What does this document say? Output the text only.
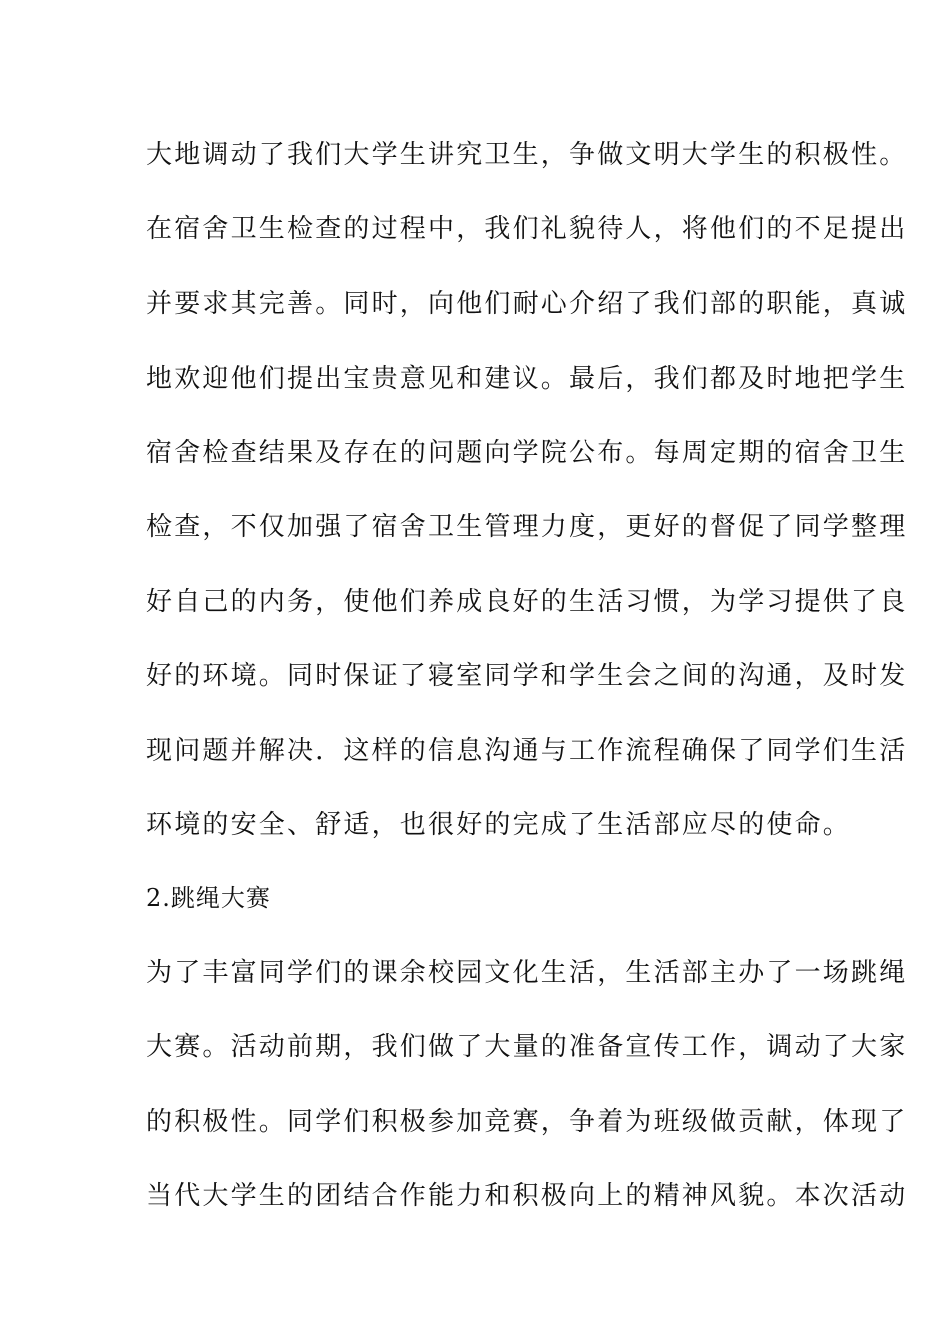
大地调动了我们大学生讲究卫生，争做文明大学生的积极性。
在宿舍卫生检查的过程中，我们礼貌待人，将他们的不足提出
并要求其完善。同时，向他们耐心介绍了我们部的职能，真诚
地欢迎他们提出宝贵意见和建议。最后，我们都及时地把学生
宿舍检查结果及存在的问题向学院公布。每周定期的宿舍卫生
检查，不仅加强了宿舍卫生管理力度，更好的督促了同学整理
好自己的内务，使他们养成良好的生活习惯，为学习提供了良
好的环境。同时保证了寝室同学和学生会之间的沟通，及时发
现问题并解决．这样的信息沟通与工作流程确保了同学们生活
环境的安全、舒适，也很好的完成了生活部应尽的使命。
2.跳绳大赛
为了丰富同学们的课余校园文化生活，生活部主办了一场跳绳
大赛。活动前期，我们做了大量的准备宣传工作，调动了大家
的积极性。同学们积极参加竞赛，争着为班级做贡献，体现了
当代大学生的团结合作能力和积极向上的精神风貌。本次活动
